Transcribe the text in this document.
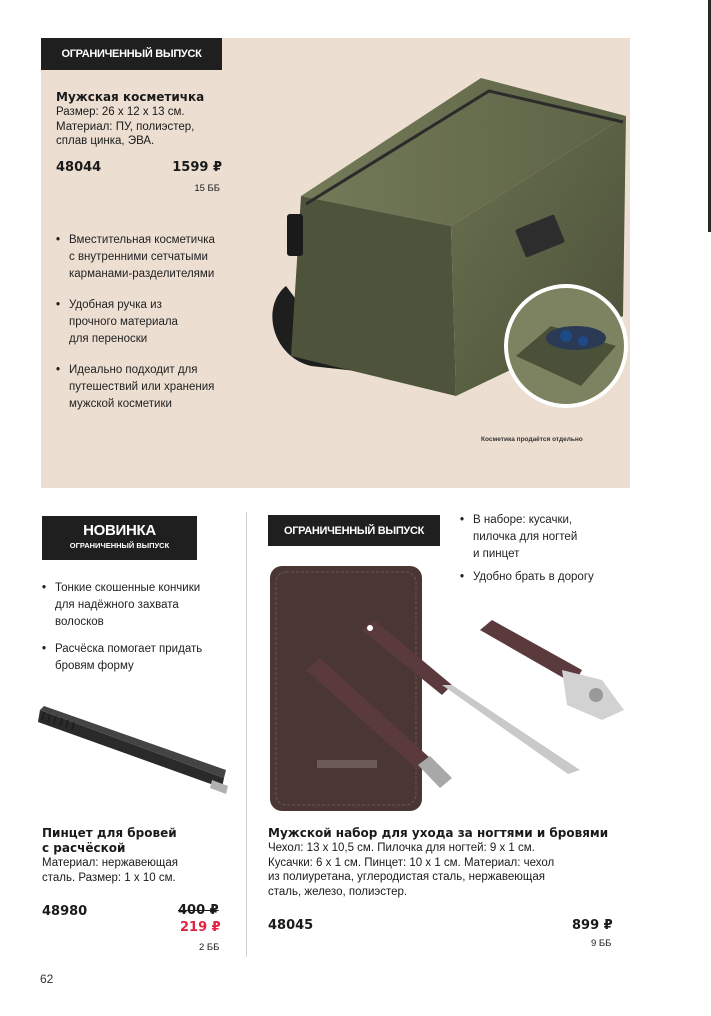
ОГРАНИЧЕННЫЙ ВЫПУСК
Мужская косметичка
Размер: 26 x 12 x 13 см.
Материал: ПУ, полиэстер,
сплав цинка, ЭВА.
48044	1599 ₽
15 ББ
• Вместительная косметичка
с внутренними сетчатыми
карманами-разделителями
• Удобная ручка из
прочного материала
для переноски
• Идеально подходит для
путешествий или хранения
мужской косметики
Косметика продаётся отдельно
НОВИНКА
ОГРАНИЧЕННЫЙ ВЫПУСК
• Тонкие скошенные кончики
для надёжного захвата
волосков
• Расчёска помогает придать
бровям форму
Пинцет для бровей
с расчёской
Материал: нержавеющая
сталь. Размер: 1 x 10 см.
48980	400 ₽
219 ₽
2 ББ
ОГРАНИЧЕННЫЙ ВЫПУСК
• В наборе: кусачки,
пилочка для ногтей
и пинцет
• Удобно брать в дорогу
Мужской набор для ухода за ногтями и бровями
Чехол: 13 x 10,5 см. Пилочка для ногтей: 9 x 1 см.
Кусачки: 6 x 1 см. Пинцет: 10 x 1 см. Материал: чехол
из полиуретана, углеродистая сталь, нержавеющая
сталь, железо, полиэстер.
48045	899 ₽
9 ББ
62
